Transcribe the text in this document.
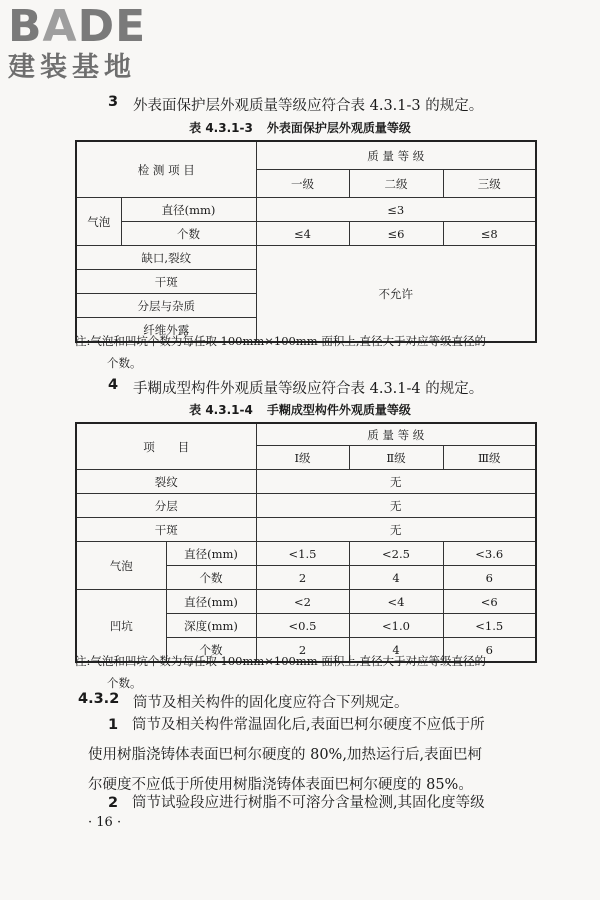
BADE
建装基地
3 外表面保护层外观质量等级应符合表 4.3.1-3 的规定。
表 4.3.1-3 外表面保护层外观质量等级
检 测 项 目		质 量 等 级		
		一级	二级	三级
气泡	直径(mm)	≤3		
	个数	≤4	≤6	≤8
缺口,裂纹		不允许		
干斑				
分层与杂质				
纤维外露				
注:气泡和凹坑个数为每任取 100mm×100mm 面积上,直径大于对应等级直径的
个数。
4 手糊成型构件外观质量等级应符合表 4.3.1-4 的规定。
表 4.3.1-4 手糊成型构件外观质量等级
项　　目		质 量 等 级		
		Ⅰ级	Ⅱ级	Ⅲ级
裂纹		无		
分层		无		
干斑		无		
气泡	直径(mm)	<1.5	<2.5	<3.6
	个数	2	4	6
凹坑	直径(mm)	<2	<4	<6
	深度(mm)	<0.5	<1.0	<1.5
	个数	2	4	6
注:气泡和凹坑个数为每任取 100mm×100mm 面积上,直径大于对应等级直径的
个数。
4.3.2 筒节及相关构件的固化度应符合下列规定。
1 筒节及相关构件常温固化后,表面巴柯尔硬度不应低于所
使用树脂浇铸体表面巴柯尔硬度的 80%,加热运行后,表面巴柯
尔硬度不应低于所使用树脂浇铸体表面巴柯尔硬度的 85%。
2 筒节试验段应进行树脂不可溶分含量检测,其固化度等级
· 16 ·
